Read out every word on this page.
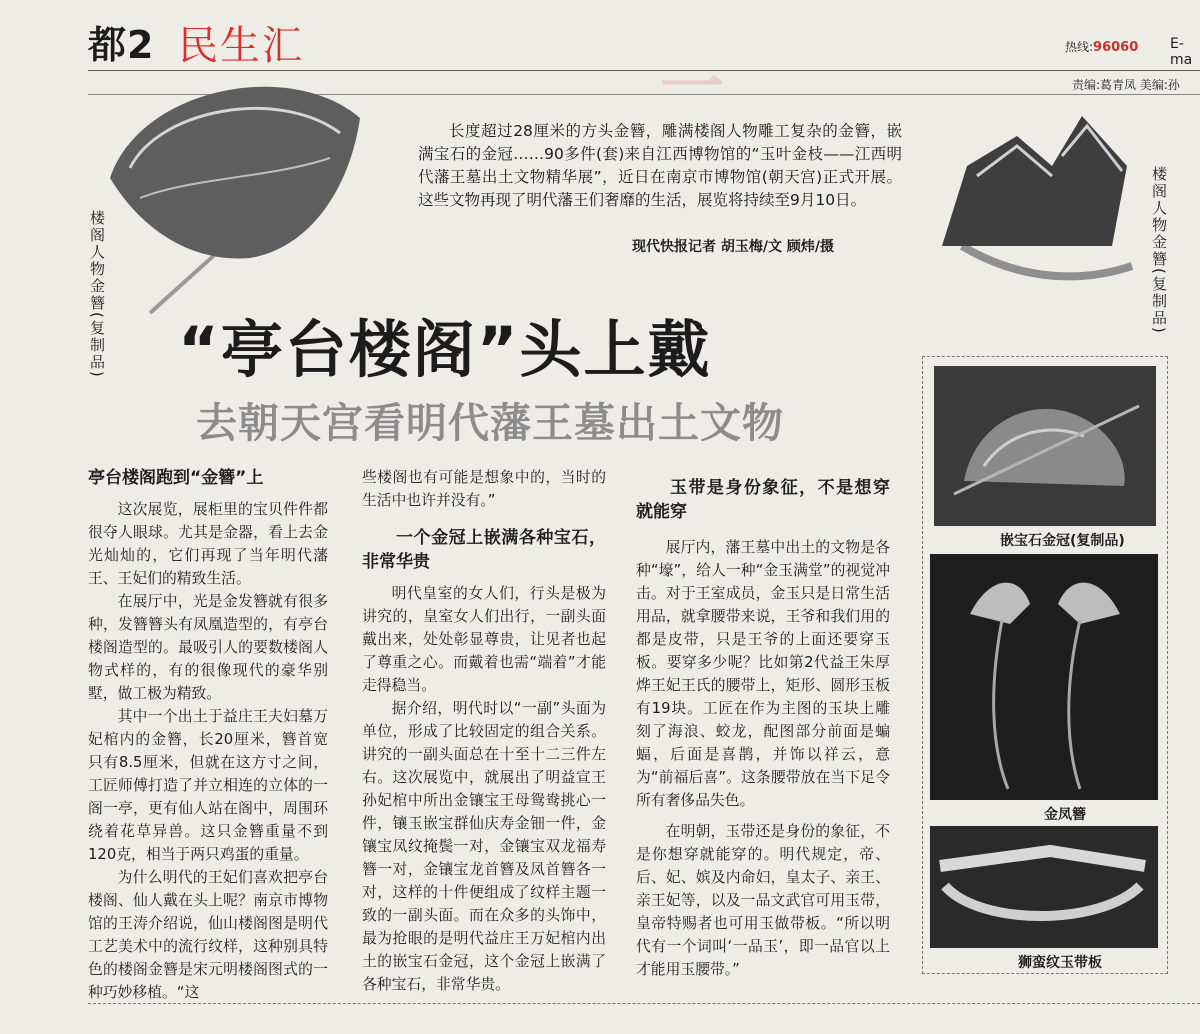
一
都2 民生汇	热线:96060 E-ma
责编:葛青凤 美编:孙
长度超过28厘米的方头金簪，雕满楼阁人物雕工复杂的金簪，嵌满宝石的金冠……90多件(套)来自江西博物馆的“玉叶金枝——江西明代藩王墓出土文物精华展”，近日在南京市博物馆(朝天宫)正式开展。这些文物再现了明代藩王们奢靡的生活，展览将持续至9月10日。
现代快报记者 胡玉梅/文 顾炜/摄
楼阁人物金簪(复制品)	楼阁人物金簪(复制品)
“亭台楼阁”头上戴
去朝天宫看明代藩王墓出土文物
亭台楼阁跑到“金簪”上

这次展览，展柜里的宝贝件件都很夺人眼球。尤其是金器，看上去金光灿灿的，它们再现了当年明代藩王、王妃们的精致生活。

在展厅中，光是金发簪就有很多种，发簪簪头有凤凰造型的，有亭台楼阁造型的。最吸引人的要数楼阁人物式样的，有的很像现代的豪华别墅，做工极为精致。

其中一个出土于益庄王夫妇墓万妃棺内的金簪，长20厘米，簪首宽只有8.5厘米，但就在这方寸之间，工匠师傅打造了并立相连的立体的一阁一亭，更有仙人站在阁中，周围环绕着花草异兽。这只金簪重量不到120克，相当于两只鸡蛋的重量。

为什么明代的王妃们喜欢把亭台楼阁、仙人戴在头上呢？南京市博物馆的王涛介绍说，仙山楼阁图是明代工艺美术中的流行纹样，这种别具特色的楼阁金簪是宋元明楼阁图式的一种巧妙移植。“这

些楼阁也有可能是想象中的，当时的生活中也许并没有。”

一个金冠上嵌满各种宝石，非常华贵

明代皇室的女人们，行头是极为讲究的，皇室女人们出行，一副头面戴出来，处处彰显尊贵，让见者也起了尊重之心。而戴着也需“端着”才能走得稳当。

据介绍，明代时以“一副”头面为单位，形成了比较固定的组合关系。讲究的一副头面总在十至十二三件左右。这次展览中，就展出了明益宣王孙妃棺中所出金镶宝王母鸳鸯挑心一件，镶玉嵌宝群仙庆寿金钿一件，金镶宝凤纹掩鬓一对，金镶宝双龙福寿簪一对，金镶宝龙首簪及凤首簪各一对，这样的十件便组成了纹样主题一致的一副头面。而在众多的头饰中，最为抢眼的是明代益庄王万妃棺内出土的嵌宝石金冠，这个金冠上嵌满了各种宝石，非常华贵。

玉带是身份象征，不是想穿就能穿

展厅内，藩王墓中出土的文物是各种“壕”，给人一种“金玉满堂”的视觉冲击。对于王室成员，金玉只是日常生活用品，就拿腰带来说，王爷和我们用的都是皮带，只是王爷的上面还要穿玉板。要穿多少呢？比如第2代益王朱厚烨王妃王氏的腰带上，矩形、圆形玉板有19块。工匠在作为主图的玉块上雕刻了海浪、蛟龙，配图部分前面是蝙蝠，后面是喜鹊，并饰以祥云，意为“前福后喜”。这条腰带放在当下足令所有奢侈品失色。

在明朝，玉带还是身份的象征，不是你想穿就能穿的。明代规定，帝、后、妃、嫔及内命妇，皇太子、亲王、亲王妃等，以及一品文武官可用玉带，皇帝特赐者也可用玉做带板。“所以明代有一个词叫‘一品玉’，即一品官以上才能用玉腰带。”

嵌宝石金冠(复制品)
金凤簪
狮蛮纹玉带板
